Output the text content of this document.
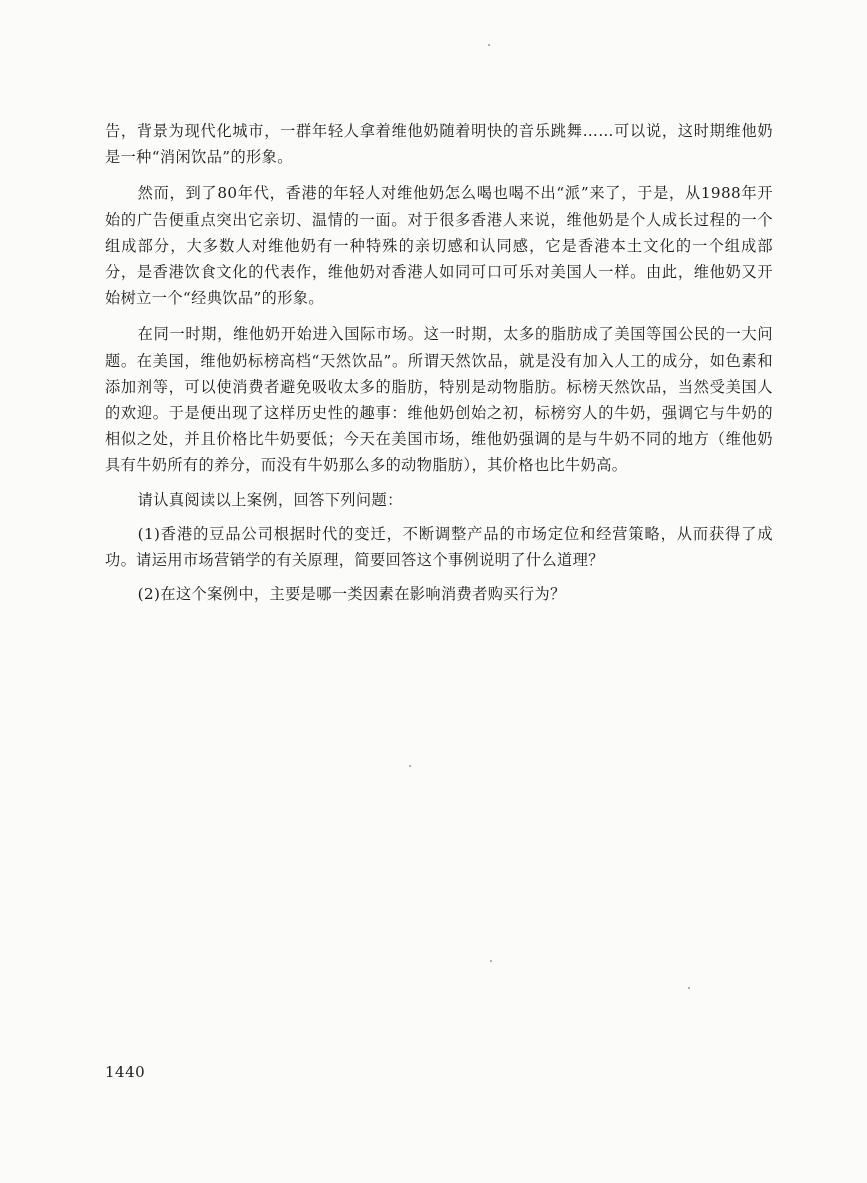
告，背景为现代化城市，一群年轻人拿着维他奶随着明快的音乐跳舞……可以说，这时期维他奶是一种“消闲饮品”的形象。

然而，到了80年代，香港的年轻人对维他奶怎么喝也喝不出“派”来了，于是，从1988年开始的广告便重点突出它亲切、温情的一面。对于很多香港人来说，维他奶是个人成长过程的一个组成部分，大多数人对维他奶有一种特殊的亲切感和认同感，它是香港本土文化的一个组成部分，是香港饮食文化的代表作，维他奶对香港人如同可口可乐对美国人一样。由此，维他奶又开始树立一个“经典饮品”的形象。

在同一时期，维他奶开始进入国际市场。这一时期，太多的脂肪成了美国等国公民的一大问题。在美国，维他奶标榜高档“天然饮品”。所谓天然饮品，就是没有加入人工的成分，如色素和添加剂等，可以使消费者避免吸收太多的脂肪，特别是动物脂肪。标榜天然饮品，当然受美国人的欢迎。于是便出现了这样历史性的趣事：维他奶创始之初，标榜穷人的牛奶，强调它与牛奶的相似之处，并且价格比牛奶要低；今天在美国市场，维他奶强调的是与牛奶不同的地方（维他奶具有牛奶所有的养分，而没有牛奶那么多的动物脂肪），其价格也比牛奶高。

请认真阅读以上案例，回答下列问题：

(1)香港的豆品公司根据时代的变迁，不断调整产品的市场定位和经营策略，从而获得了成功。请运用市场营销学的有关原理，简要回答这个事例说明了什么道理？

(2)在这个案例中，主要是哪一类因素在影响消费者购买行为？

1440
